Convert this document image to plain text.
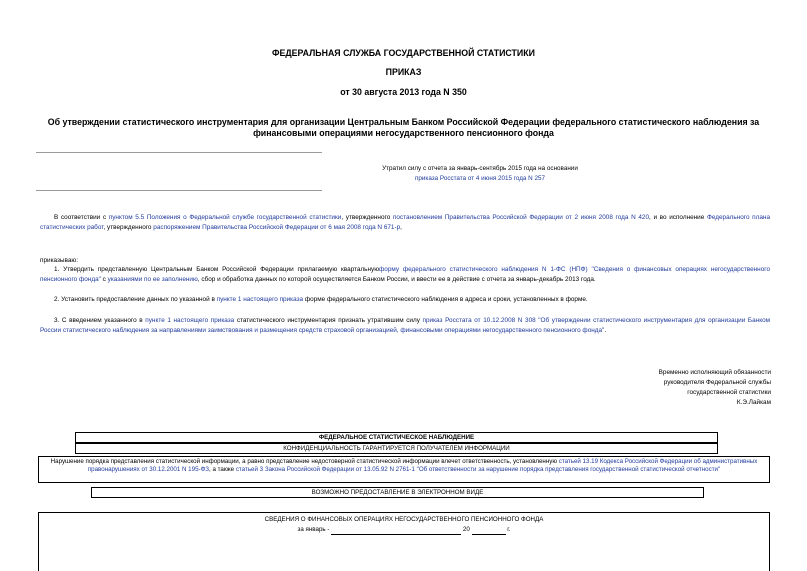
ФЕДЕРАЛЬНАЯ СЛУЖБА ГОСУДАРСТВЕННОЙ СТАТИСТИКИ
ПРИКАЗ
от 30 августа 2013 года N 350
Об утверждении статистического инструментария для организации Центральным Банком Российской Федерации федерального статистического наблюдения за финансовыми операциями негосударственного пенсионного фонда
Утратил силу с отчета за январь-сентябрь 2015 года на основании
приказа Росстата от 4 июня 2015 года N 257
В соответствии с пунктом 5.5 Положения о Федеральной службе государственной статистики, утвержденного постановлением Правительства Российской Федерации от 2 июня 2008 года N 420, и во исполнение Федерального плана статистических работ, утвержденного распоряжением Правительства Российской Федерации от 6 мая 2008 года N 671-р,
приказываю:
1. Утвердить представленную Центральным Банком Российской Федерации прилагаемую квартальнуюформу федерального статистического наблюдения N 1-ФС (НПФ) "Сведения о финансовых операциях негосударственного пенсионного фонда" с указаниями по ее заполнению, сбор и обработка данных по которой осуществляется Банком России, и ввести ее в действие с отчета за январь-декабрь 2013 года.
2. Установить предоставление данных по указанной в пункте 1 настоящего приказа форме федерального статистического наблюдения в адреса и сроки, установленных в форме.
3. С введением указанного в пункте 1 настоящего приказа статистического инструментария признать утратившим силу приказ Росстата от 10.12.2008 N 308 "Об утверждении статистического инструментария для организации Банком России статистического наблюдения за направлениями заимствования и размещения средств страховой организацией, финансовыми операциями негосударственного пенсионного фонда".
Временно исполняющий обязанности
руководителя Федеральной службы
государственной статистики
К.Э.Лайкам
ФЕДЕРАЛЬНОЕ СТАТИСТИЧЕСКОЕ НАБЛЮДЕНИЕ
КОНФИДЕНЦИАЛЬНОСТЬ ГАРАНТИРУЕТСЯ ПОЛУЧАТЕЛЕМ ИНФОРМАЦИИ
Нарушение порядка представления статистической информации, а равно представление недостоверной статистической информации влечет ответственность, установленную статьей 13.19 Кодекса Российской Федерации об административных правонарушениях от 30.12.2001 N 195-ФЗ, а также статьей 3 Закона Российской Федерации от 13.05.92 N 2761-1 "Об ответственности за нарушение порядка представления государственной статистической отчетности"
ВОЗМОЖНО ПРЕДОСТАВЛЕНИЕ В ЭЛЕКТРОННОМ ВИДЕ
СВЕДЕНИЯ О ФИНАНСОВЫХ ОПЕРАЦИЯХ НЕГОСУДАРСТВЕННОГО ПЕНСИОННОГО ФОНДА
за январь -	20	г.
